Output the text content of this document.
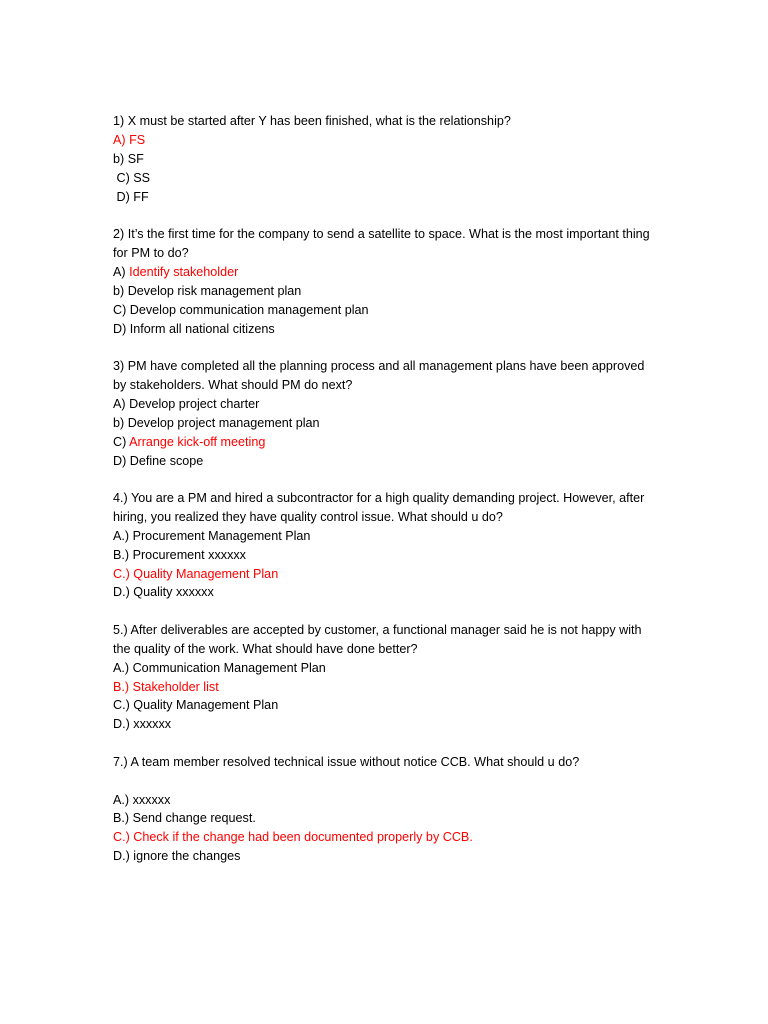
1) X must be started after Y has been finished, what is the relationship?
A) FS
b) SF
C) SS
D) FF
2) It’s the first time for the company to send a satellite to space. What is the most important thing for PM to do?
A) Identify stakeholder
b) Develop risk management plan
C) Develop communication management plan
D) Inform all national citizens
3) PM have completed all the planning process and all management plans have been approved by stakeholders. What should PM do next?
A) Develop project charter
b) Develop project management plan
C) Arrange kick-off meeting
D) Define scope
4.) You are a PM and hired a subcontractor for a high quality demanding project. However, after hiring, you realized they have quality control issue. What should u do?
A.) Procurement Management Plan
B.) Procurement xxxxxx
C.) Quality Management Plan
D.) Quality xxxxxx
5.) After deliverables are accepted by customer, a functional manager said he is not happy with the quality of the work. What should have done better?
A.) Communication Management Plan
B.) Stakeholder list
C.) Quality Management Plan
D.) xxxxxx
7.) A team member resolved technical issue without notice CCB. What should u do?
A.) xxxxxx
B.) Send change request.
C.) Check if the change had been documented properly by CCB.
D.) ignore the changes
